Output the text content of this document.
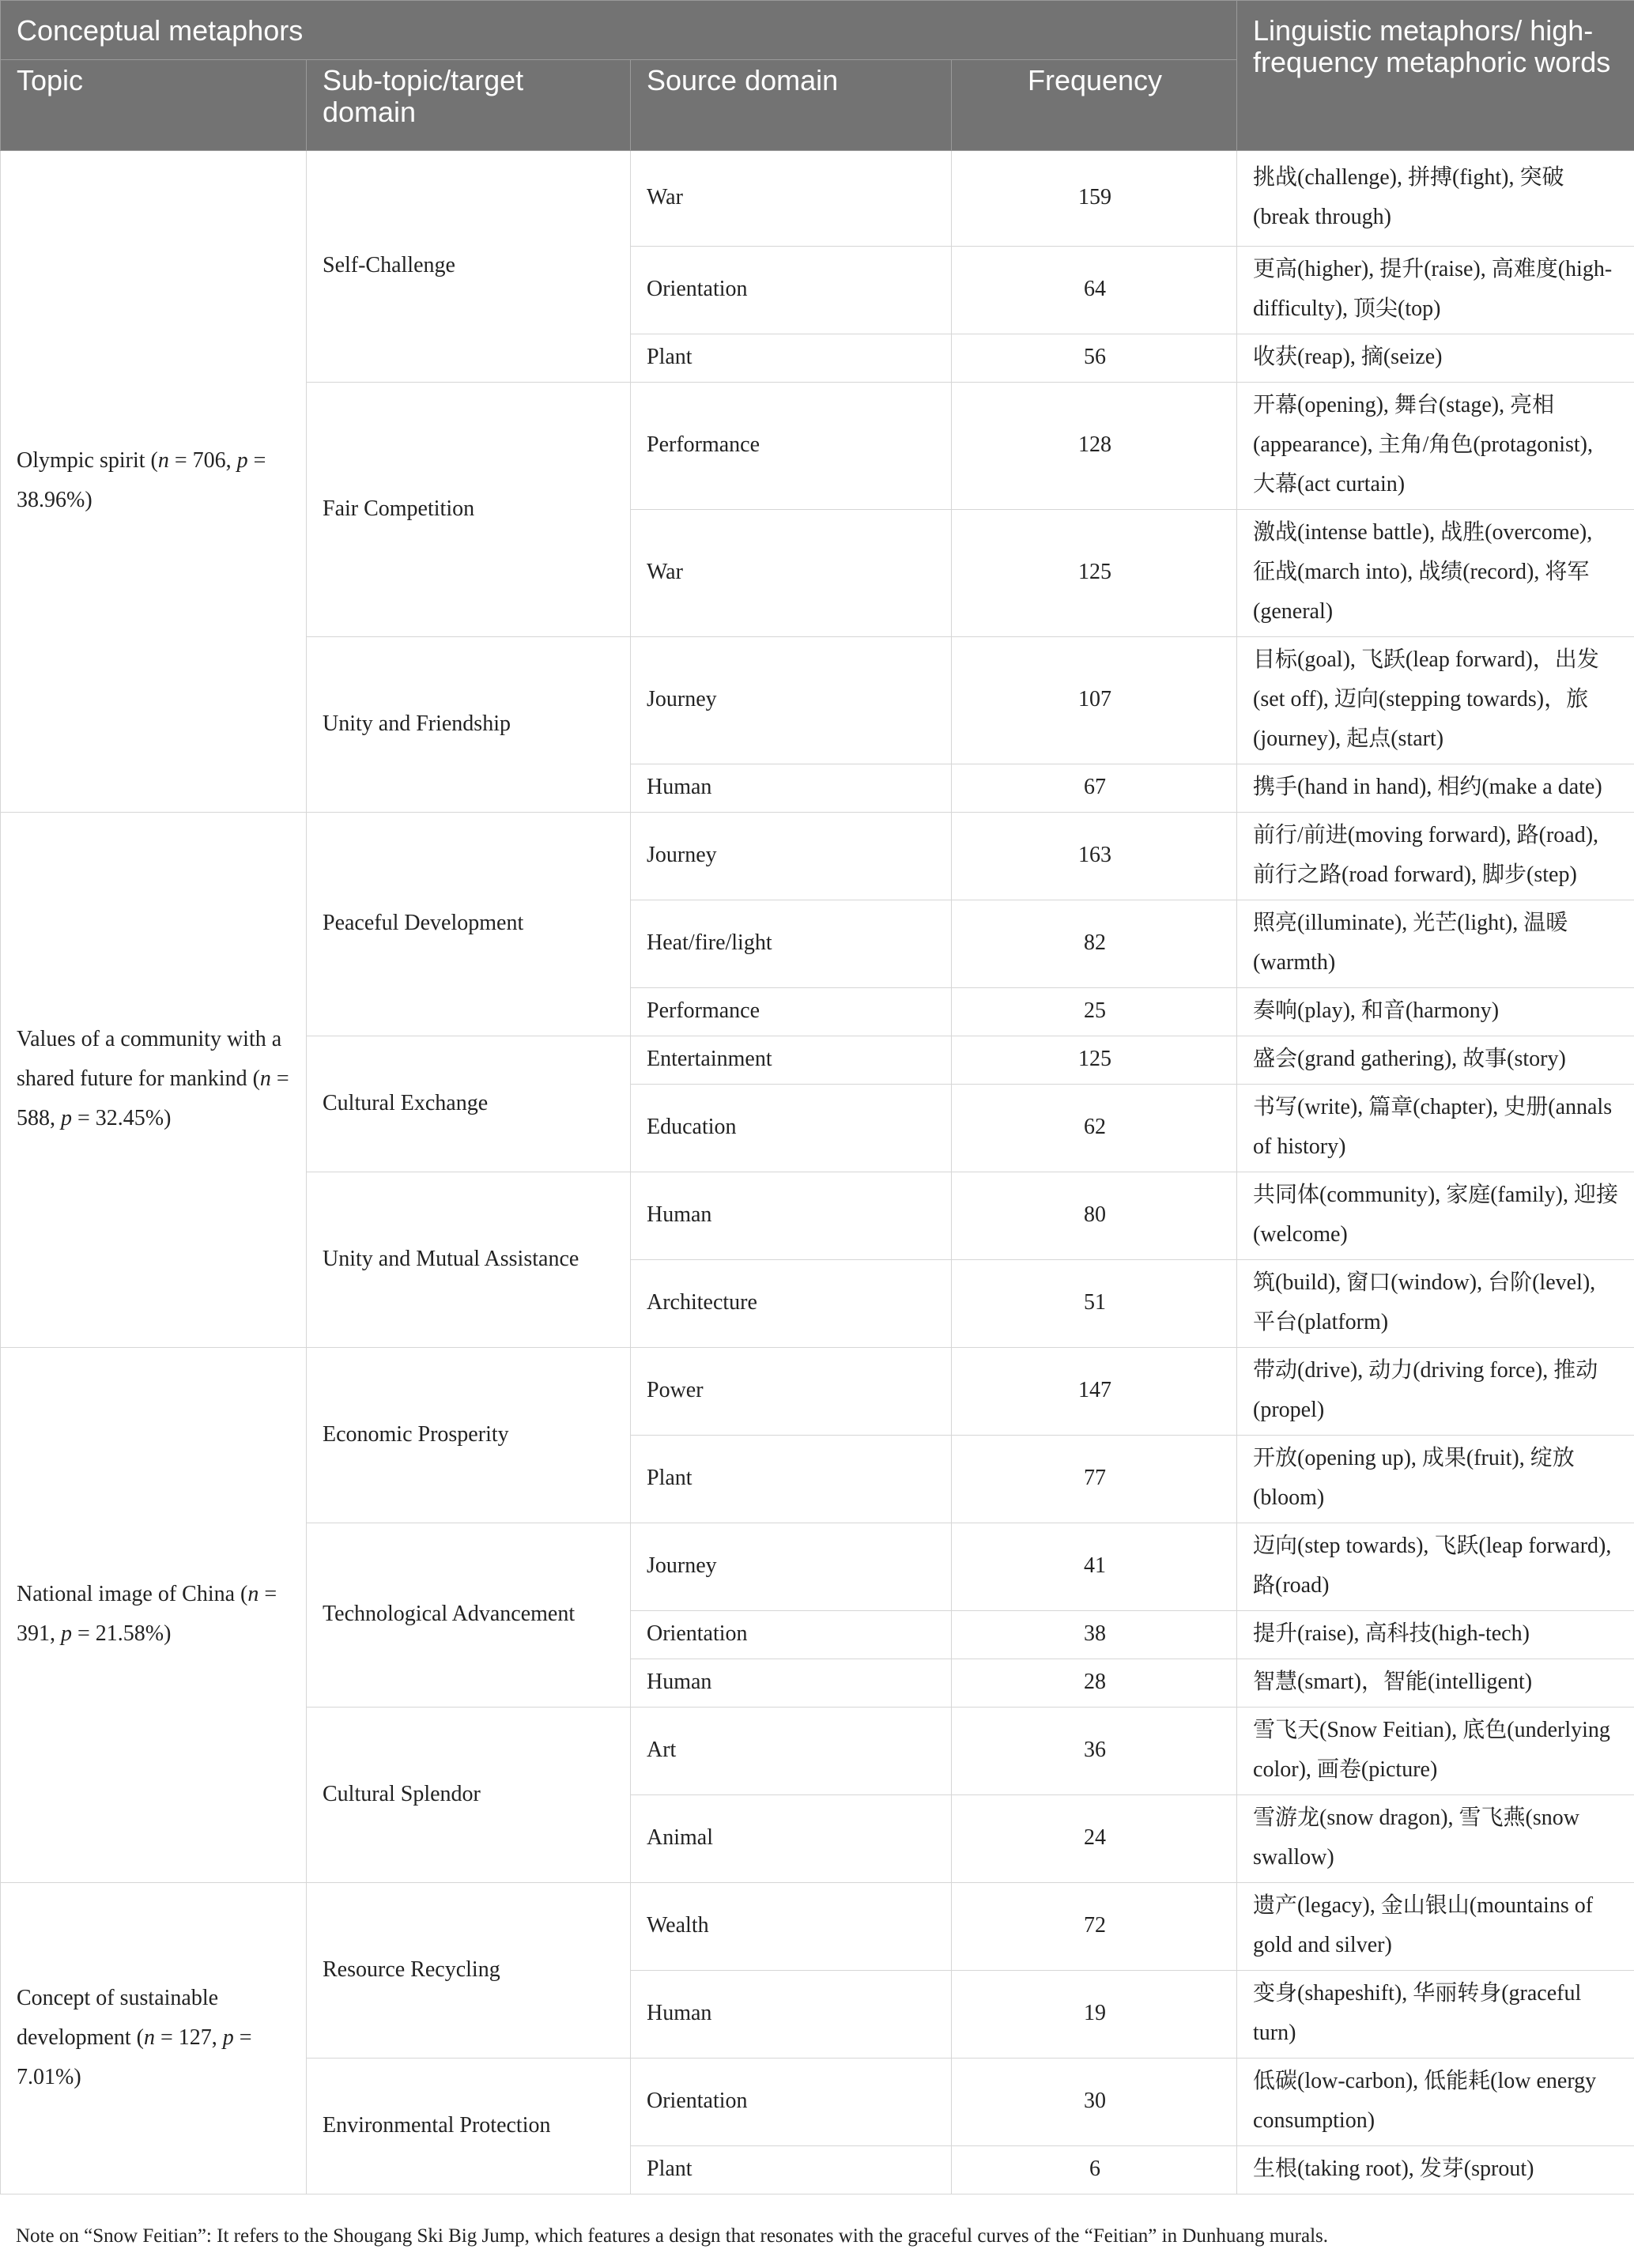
Conceptual metaphors				Linguistic metaphors/ high-frequency metaphoric words
Topic	Sub-topic/target domain	Source domain	Frequency	
Olympic spirit (n = 706, p = 38.96%)	Self-Challenge	War	159	挑战(challenge), 拼搏(fight), 突破(break through)
		Orientation	64	更高(higher), 提升(raise), 高难度(high-difficulty), 顶尖(top)
		Plant	56	收获(reap), 摘(seize)
	Fair Competition	Performance	128	开幕(opening), 舞台(stage), 亮相(appearance), 主角/角色(protagonist), 大幕(act curtain)
		War	125	激战(intense battle), 战胜(overcome), 征战(march into), 战绩(record), 将军(general)
	Unity and Friendship	Journey	107	目标(goal), 飞跃(leap forward)，出发(set off), 迈向(stepping towards)，旅(journey), 起点(start)
		Human	67	携手(hand in hand), 相约(make a date)
Values of a community with a shared future for mankind (n = 588, p = 32.45%)	Peaceful Development	Journey	163	前行/前进(moving forward), 路(road), 前行之路(road forward), 脚步(step)
		Heat/fire/light	82	照亮(illuminate), 光芒(light), 温暖(warmth)
		Performance	25	奏响(play), 和音(harmony)
	Cultural Exchange	Entertainment	125	盛会(grand gathering), 故事(story)
		Education	62	书写(write), 篇章(chapter), 史册(annals of history)
	Unity and Mutual Assistance	Human	80	共同体(community), 家庭(family), 迎接(welcome)
		Architecture	51	筑(build), 窗口(window), 台阶(level), 平台(platform)
National image of China (n = 391, p = 21.58%)	Economic Prosperity	Power	147	带动(drive), 动力(driving force), 推动(propel)
		Plant	77	开放(opening up), 成果(fruit), 绽放(bloom)
	Technological Advancement	Journey	41	迈向(step towards), 飞跃(leap forward), 路(road)
		Orientation	38	提升(raise), 高科技(high-tech)
		Human	28	智慧(smart)，智能(intelligent)
	Cultural Splendor	Art	36	雪飞天(Snow Feitian), 底色(underlying color), 画卷(picture)
		Animal	24	雪游龙(snow dragon), 雪飞燕(snow swallow)
Concept of sustainable development (n = 127, p = 7.01%)	Resource Recycling	Wealth	72	遗产(legacy), 金山银山(mountains of gold and silver)
		Human	19	变身(shapeshift), 华丽转身(graceful turn)
	Environmental Protection	Orientation	30	低碳(low-carbon), 低能耗(low energy consumption)
		Plant	6	生根(taking root), 发芽(sprout)
Note on “Snow Feitian”: It refers to the Shougang Ski Big Jump, which features a design that resonates with the graceful curves of the “Feitian” in Dunhuang murals.
